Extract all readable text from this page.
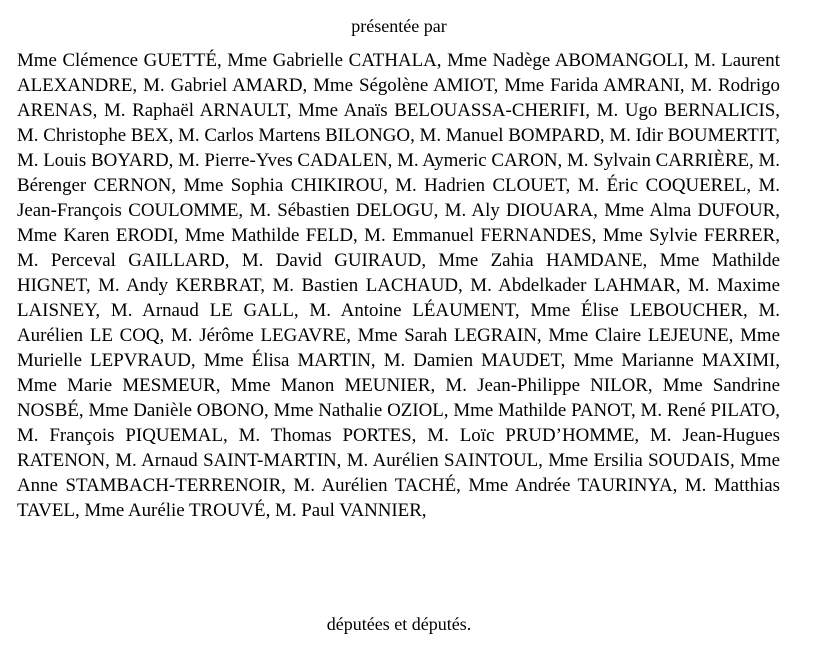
présentée par
Mme Clémence GUETTÉ, Mme Gabrielle CATHALA, Mme Nadège ABOMANGOLI, M. Laurent ALEXANDRE, M. Gabriel AMARD, Mme Ségolène AMIOT, Mme Farida AMRANI, M. Rodrigo ARENAS, M. Raphaël ARNAULT, Mme Anaïs BELOUASSA-CHERIFI, M. Ugo BERNALICIS, M. Christophe BEX, M. Carlos Martens BILONGO, M. Manuel BOMPARD, M. Idir BOUMERTIT, M. Louis BOYARD, M. Pierre-Yves CADALEN, M. Aymeric CARON, M. Sylvain CARRIÈRE, M. Bérenger CERNON, Mme Sophia CHIKIROU, M. Hadrien CLOUET, M. Éric COQUEREL, M. Jean-François COULOMME, M. Sébastien DELOGU, M. Aly DIOUARA, Mme Alma DUFOUR, Mme Karen ERODI, Mme Mathilde FELD, M. Emmanuel FERNANDES, Mme Sylvie FERRER, M. Perceval GAILLARD, M. David GUIRAUD, Mme Zahia HAMDANE, Mme Mathilde HIGNET, M. Andy KERBRAT, M. Bastien LACHAUD, M. Abdelkader LAHMAR, M. Maxime LAISNEY, M. Arnaud LE GALL, M. Antoine LÉAUMENT, Mme Élise LEBOUCHER, M. Aurélien LE COQ, M. Jérôme LEGAVRE, Mme Sarah LEGRAIN, Mme Claire LEJEUNE, Mme Murielle LEPVRAUD, Mme Élisa MARTIN, M. Damien MAUDET, Mme Marianne MAXIMI, Mme Marie MESMEUR, Mme Manon MEUNIER, M. Jean-Philippe NILOR, Mme Sandrine NOSBÉ, Mme Danièle OBONO, Mme Nathalie OZIOL, Mme Mathilde PANOT, M. René PILATO, M. François PIQUEMAL, M. Thomas PORTES, M. Loïc PRUD’HOMME, M. Jean-Hugues RATENON, M. Arnaud SAINT-MARTIN, M. Aurélien SAINTOUL, Mme Ersilia SOUDAIS, Mme Anne STAMBACH-TERRENOIR, M. Aurélien TACHÉ, Mme Andrée TAURINYA, M. Matthias TAVEL, Mme Aurélie TROUVÉ, M. Paul VANNIER,
députées et députés.
